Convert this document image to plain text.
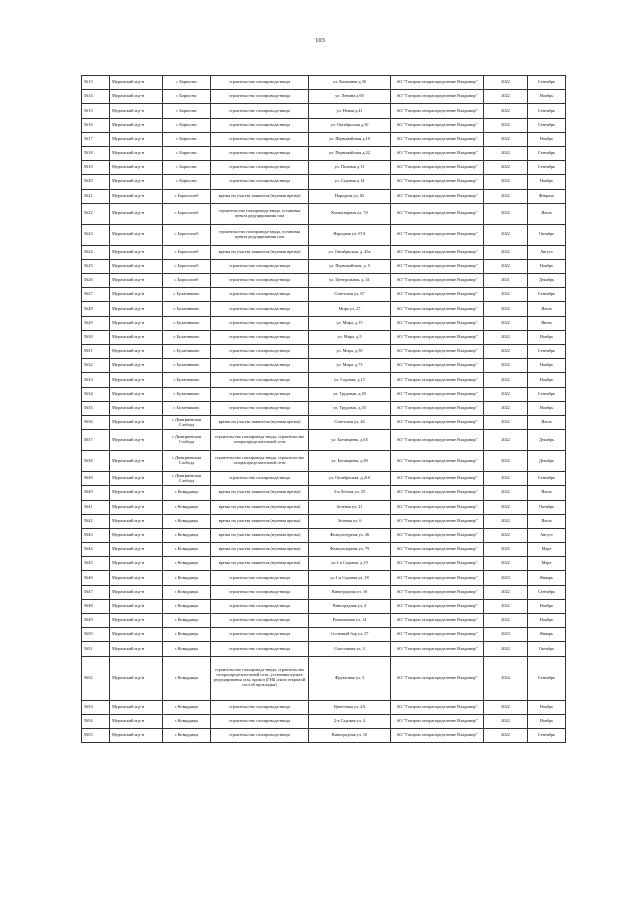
103
5613	Муромский м.р-н	с Борисово	строительство газопровода-ввода	ул. Калинина д.30	АО "Газпром газораспределение Владимир"	2022	Сентябрь
5614	Муромский м.р-н	с Борисово	строительство газопровода-ввода	ул. Ленина д.60	АО "Газпром газораспределение Владимир"	2022	Ноябрь
5615	Муромский м.р-н	с Борисово	строительство газопровода-ввода	ул. Новая д.41	АО "Газпром газораспределение Владимир"	2022	Сентябрь
5616	Муромский м.р-н	с Борисово	строительство газопровода-ввода	ул. Октябрьская д.30	АО "Газпром газораспределение Владимир"	2022	Сентябрь
5617	Муромский м.р-н	с Борисово	строительство газопровода-ввода	ул. Первомайская д.10	АО "Газпром газораспределение Владимир"	2022	Ноябрь
5618	Муромский м.р-н	с Борисово	строительство газопровода-ввода	ул. Первомайская д.22	АО "Газпром газораспределение Владимир"	2022	Сентябрь
5619	Муромский м.р-н	с Борисово	строительство газопровода-ввода	ул. Полевая д.11	АО "Газпром газораспределение Владимир"	2022	Сентябрь
5620	Муромский м.р-н	с Борисово	строительство газопровода-ввода	ул. Садовая д.14	АО "Газпром газораспределение Владимир"	2022	Ноябрь
5621	Муромский м.р-н	с Борисоглеб	врезка на участке заявителя (нулевая врезка)	Народная ул, 82	АО "Газпром газораспределение Владимир"	2022	Февраль
5622	Муромский м.р-н	с Борисоглеб	строительство газопровода-ввода, установка пункта редуцирования газа	Коммунарная ул, 70	АО "Газпром газораспределение Владимир"	2022	Июль
5623	Муромский м.р-н	с Борисоглеб	строительство газопровода-ввода, установка пункта редуцирования газа	Народная ул. 67А	АО "Газпром газораспределение Владимир"	2022	Октябрь
5624	Муромский м.р-н	с Борисоглеб	врезка на участке заявителя (нулевая врезка)	ул. Октябрьская, д. 45а	АО "Газпром газораспределение Владимир"	2022	Август
5625	Муромский м.р-н	с Борисоглеб	строительство газопровода-ввода	ул. Первомайская, д. 5	АО "Газпром газораспределение Владимир"	2022	Ноябрь
5626	Муромский м.р-н	с Борисоглеб	строительство газопровода-ввода	ул. Центральная, д. 41	АО "Газпром газораспределение Владимир"	2021	Декабрь
5627	Муромский м.р-н	с Булатниково	строительство газопровода-ввода	Советская ул, 67	АО "Газпром газораспределение Владимир"	2022	Сентябрь
5628	Муромский м.р-н	с Булатниково	строительство газопровода-ввода	Мира ул, 27	АО "Газпром газораспределение Владимир"	2022	Июль
5629	Муромский м.р-н	с Булатниково	строительство газопровода-ввода	ул. Мира, д.15	АО "Газпром газораспределение Владимир"	2022	Июнь
5630	Муромский м.р-н	с Булатниково	строительство газопровода-ввода	ул. Мира, д.5	АО "Газпром газораспределение Владимир"	2022	Ноябрь
5631	Муромский м.р-н	с Булатниково	строительство газопровода-ввода	ул. Мира, д.50	АО "Газпром газораспределение Владимир"	2022	Сентябрь
5632	Муромский м.р-н	с Булатниково	строительство газопровода-ввода	ул. Мира, д.73	АО "Газпром газораспределение Владимир"	2022	Ноябрь
5633	Муромский м.р-н	с Булатниково	строительство газопровода-ввода	ул. Садовая, д.15	АО "Газпром газораспределение Владимир"	2022	Ноябрь
5634	Муромский м.р-н	с Булатниково	строительство газопровода-ввода	ул. Трудовая, д.29	АО "Газпром газораспределение Владимир"	2022	Сентябрь
5635	Муромский м.р-н	с Булатниково	строительство газопровода-ввода	ул. Трудовая, д.33	АО "Газпром газораспределение Владимир"	2022	Ноябрь
5636	Муромский м.р-н	с Дмитриевская Слобода	врезка на участке заявителя (нулевая врезка)	Советская ул, 44	АО "Газпром газораспределение Владимир"	2022	Июль
5637	Муромский м.р-н	с Дмитриевская Слобода	строительство газопровода-ввода, строительство газораспределительной сети	ул. Ботанарева, д.65	АО "Газпром газораспределение Владимир"	2022	Декабрь
5638	Муромский м.р-н	с Дмитриевская Слобода	строительство газопровода-ввода, строительство газораспределительной сети	ул. Ботанарева, д.69	АО "Газпром газораспределение Владимир"	2022	Декабрь
5639	Муромский м.р-н	с Дмитриевская Слобода	строительство газопровода-ввода	ул. Октябрьская, д.21б	АО "Газпром газораспределение Владимир"	2022	Сентябрь
5640	Муромский м.р-н	с Ковардицы	врезка на участке заявителя (нулевая врезка)	3-я Лесная ул, 25	АО "Газпром газораспределение Владимир"	2022	Июль
5641	Муромский м.р-н	с Ковардицы	врезка на участке заявителя (нулевая врезка)	Зеленая ул, 21	АО "Газпром газораспределение Владимир"	2022	Октябрь
5642	Муромский м.р-н	с Ковардицы	врезка на участке заявителя (нулевая врезка)	Зеленая ул, 6	АО "Газпром газораспределение Владимир"	2022	Июль
5643	Муромский м.р-н	с Ковардицы	врезка на участке заявителя (нулевая врезка)	Физкультурная ул, 46	АО "Газпром газораспределение Владимир"	2022	Август
5644	Муромский м.р-н	с Ковардицы	врезка на участке заявителя (нулевая врезка)	Физкультурная ул, 79	АО "Газпром газораспределение Владимир"	2025	Март
5645	Муромский м.р-н	с Ковардицы	врезка на участке заявителя (нулевая врезка)	ул.1-я Садовая, д.19	АО "Газпром газораспределение Владимир"	2022	Март
5646	Муромский м.р-н	с Ковардицы	строительство газопровода-ввода	ул.1-я Садовая ул, 18	АО "Газпром газораспределение Владимир"	2023	Январь
5647	Муромский м.р-н	с Ковардицы	строительство газопровода-ввода	Виноградная ул, 16	АО "Газпром газораспределение Владимир"	2022	Сентябрь
5648	Муромский м.р-н	с Ковардицы	строительство газопровода-ввода	Виноградная ул, 4	АО "Газпром газораспределение Владимир"	2022	Ноябрь
5649	Муромский м.р-н	с Ковардицы	строительство газопровода-ввода	Ромашковая ул, 14	АО "Газпром газораспределение Владимир"	2022	Ноябрь
5650	Муромский м.р-н	с Ковардицы	строительство газопровода-ввода	Сосновый бор ул, 37	АО "Газпром газораспределение Владимир"	2023	Январь
5651	Муромский м.р-н	с Ковардицы	строительство газопровода-ввода	Счастливая ул, 3	АО "Газпром газораспределение Владимир"	2022	Октябрь
5652	Муромский м.р-н	с Ковардицы	строительство газопровода-ввода, строительство газораспределительной сети, установка пункта редуцирования газа, прокол (ГНБ и/или открытой способ прокладки)	Фруктовая ул, 3	АО "Газпром газораспределение Владимир"	2024	Сентябрь
5653	Муромский м.р-н	с Ковардицы	строительство газопровода-ввода	Цветочная ул, 2А	АО "Газпром газораспределение Владимир"	2022	Ноябрь
5654	Муромский м.р-н	с Ковардицы	строительство газопровода-ввода	2-я Садовая ул, 4	АО "Газпром газораспределение Владимир"	2022	Ноябрь
5655	Муромский м.р-н	с Ковардицы	строительство газопровода-ввода	Виноградная ул, 10	АО "Газпром газораспределение Владимир"	2022	Сентябрь
